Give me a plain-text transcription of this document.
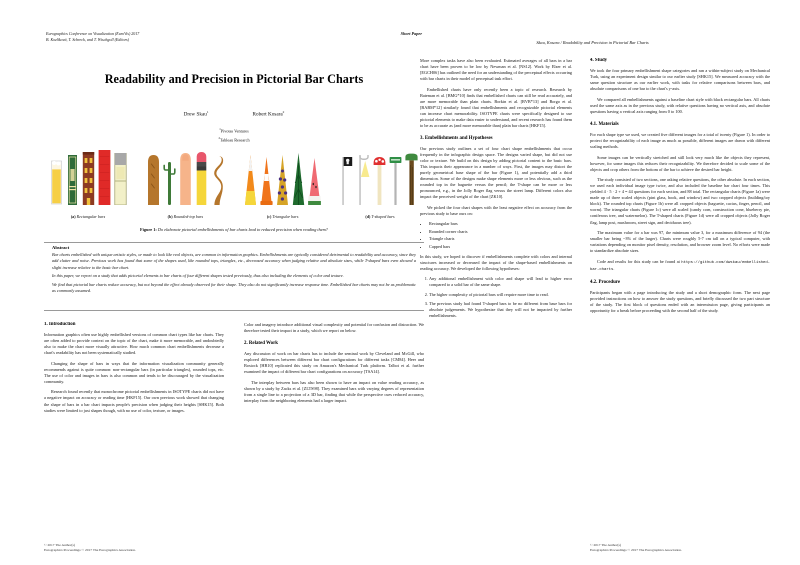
Eurographics Conference on Visualization (EuroVis) 2017
B. Kozlíková, T. Schreck, and T. Wischgoll (Editors)
Short Paper
Skau, Kosara / Readability and Precision in Pictorial Bar Charts
Readability and Precision in Pictorial Bar Charts
Drew Skau$^1$	Robert Kosara$^2$
$^1$Pivotas Ventures
$^2$Tableau Research
(a) Rectangular bars	(b) Rounded-top bars	(c) Triangular bars	(d) T-shaped bars
Figure 1: Do elaborate pictorial embellishments of bar charts lead to reduced precision when reading them?
Abstract

Bar charts embellished with unique artistic styles, or made to look like real objects, are common in information graphics. Embellishments are typically considered detrimental to readability and accuracy, since they add clutter and noise. Previous work has found that some of the shapes used, like rounded tops, triangles, etc., decreased accuracy when judging relative and absolute sizes, while T-shaped bars even showed a slight increase relative to the basic bar chart.

In this paper, we report on a study that adds pictorial elements to bar charts of four different shapes tested previously, thus also including the elements of color and texture.

We find that pictorial bar charts reduce accuracy, but not beyond the effect already observed for their shape. They also do not significantly increase response time. Embellished bar charts may not be as problematic as commonly assumed.

1. Introduction

Information graphics often use highly embellished versions of common chart types like bar charts. They are often added to provide context on the topic of the chart, make it more memorable, and undoubtedly also to make the chart more visually attractive. How much common chart embellishments decrease a chart's readability has not been systematically studied.

Changing the shape of bars in ways that the information visualization community generally recommends against is quite common: non-rectangular bars (in particular triangles), rounded tops, etc. The use of color and images in bars is also common and tends to be discouraged by the visualization community.

Research found recently that monochrome pictorial embellishments in ISOTYPE charts did not have a negative impact on accuracy or reading time [HKF15]. Our own previous work showed that changing the shape of bars in a bar chart impacts people's precision when judging their heights [SHK15]. Both studies were limited to just shapes though, with no use of color, texture, or images.

Color and imagery introduce additional visual complexity and potential for confusion and distraction. We therefore tested their impact in a study, which we report on below.

2. Related Work

Any discussion of work on bar charts has to include the seminal work by Cleveland and McGill, who explored differences between different bar chart configurations for different tasks [CM84]. Heer and Bostock [HB10] replicated this study on Amazon's Mechanical Turk platform. Talbot et al. further examined the impact of different bar chart configurations on accuracy [TSA14].

The interplay between bars has also been shown to have an impact on value reading accuracy, as shown by a study by Zacks et al. [ZLTS98]. They examined bars with varying degrees of representation from a single line to a projection of a 3D bar, finding that while the perspective cues reduced accuracy, interplay from the neighboring elements had a larger impact.

More complex tasks have also been evaluated. Estimated averages of all bars in a bar chart have been proven to be low by Newman et al. [NS12]. Work by Elzer et al. [EGCH06] has outlined the need for an understanding of the perceptual effects occurring with bar charts in their model of perceptual task effort.

Embellished charts have only recently been a topic of research. Research by Bateman et al. [BMG*10] finds that embellished charts can still be read accurately, and are more memorable than plain charts. Borkin et al. [BVB*13] and Borgo et al. [BABM*12] similarly found that embellishments and recognizable pictorial elements can increase chart memorability. ISOTYPE charts were specifically designed to use pictorial elements to make data easier to understand, and recent research has found them to be as accurate as (and more memorable than) plain bar charts [HKF15].

3. Embellishments and Hypotheses

Our previous study outlines a set of four chart shape embellishments that occur frequently in the infographic design space. The designs varied shape, but did not use color or texture. We build on this design by adding pictorial content to the basic bars. This impacts their appearance in a number of ways. First, the images may distort the purely geometrical base shape of the bar (Figure 1), and potentially add a third dimension. Some of the designs make shape elements more or less obvious, such as the rounded top in the baguette versus the pencil; the T-shape can be more or less pronounced, e.g., in the Jolly Roger flag versus the street lamp. Different colors also impact the perceived weight of the chart [ZK10].

We picked the four chart shapes with the least negative effect on accuracy from the previous study to base ours on:

• Rectangular bars
• Rounded corner charts
• Triangle charts
• Capped bars

In this study, we hoped to discover if embellishments complete with colors and internal structures increased or decreased the impact of the shape-based embellishments on reading accuracy. We developed the following hypotheses:

1. Any additional embellishment with color and shape will lead to higher error compared to a solid bar of the same shape.
2. The higher complexity of pictorial bars will require more time to read.
3. The previous study had found T-shaped bars to be no different from base bars for absolute judgements. We hypothesize that they will not be impacted by further embellishments.
4. Study

We took the four primary embellishment shape categories and ran a within-subject study on Mechanical Turk, using an experiment design similar to our earlier study [SHK15]. We measured accuracy with the same question structure as our earlier work, with tasks for relative comparisons between bars, and absolute comparisons of one bar to the chart's y-axis.

We compared all embellishments against a baseline chart style with black rectangular bars. All charts used the same axis as in the previous study, with relative questions having no vertical axis, and absolute questions having a vertical axis ranging from 0 to 100.

4.1. Materials

For each shape type we used, we created five different images for a total of twenty (Figure 1). In order to protect the recognizability of each image as much as possible, different images are drawn with different scaling methods.

Some images can be vertically stretched and still look very much like the objects they represent, however, for some images this reduces their recognizability. We therefore decided to scale some of the objects and crop others from the bottom of the bar to achieve the desired bar height.

The study consisted of two sections, one asking relative questions, the other absolute. In each section, we used each individual image type twice, and also included the baseline bar chart four times. This yielded 4 · 5 · 2 + 4 = 44 questions for each section, and 88 total. The rectangular charts (Figure 1a) were made up of three scaled objects (pint glass, book, and window) and two cropped objects (building/toy block). The rounded top charts (Figure 1b) were all cropped objects (baguette, cactus, finger, pencil, and worm). The triangular charts (Figure 1c) were all scaled (candy corn, construction cone, blueberry pie, coniferous tree, and watermelon). The T-shaped charts (Figure 1d) were all cropped objects (Jolly Roger flag, lamp post, mushroom, street sign, and deciduous tree).

The maximum value for a bar was 97, the minimum value 3, for a maximum difference of 94 (the smaller bar being ~3% of the larger). Charts were roughly 5-7 cm tall on a typical computer, with variations depending on monitor pixel density, resolution, and browser zoom level. No efforts were made to standardize absolute sizes.

Code and results for this study can be found at https://github.com/dwskau/embellished-bar-charts.

4.2. Procedure

Participants began with a page introducing the study and a short demographic form. The next page provided instructions on how to answer the study questions, and briefly discussed the two part structure of the study. The first block of questions ended with an intermission page, giving participants an opportunity for a break before proceeding with the second half of the study.

© 2017 The Author(s)
Eurographics Proceedings © 2017 The Eurographics Association.
© 2017 The Author(s)
Eurographics Proceedings © 2017 The Eurographics Association.
